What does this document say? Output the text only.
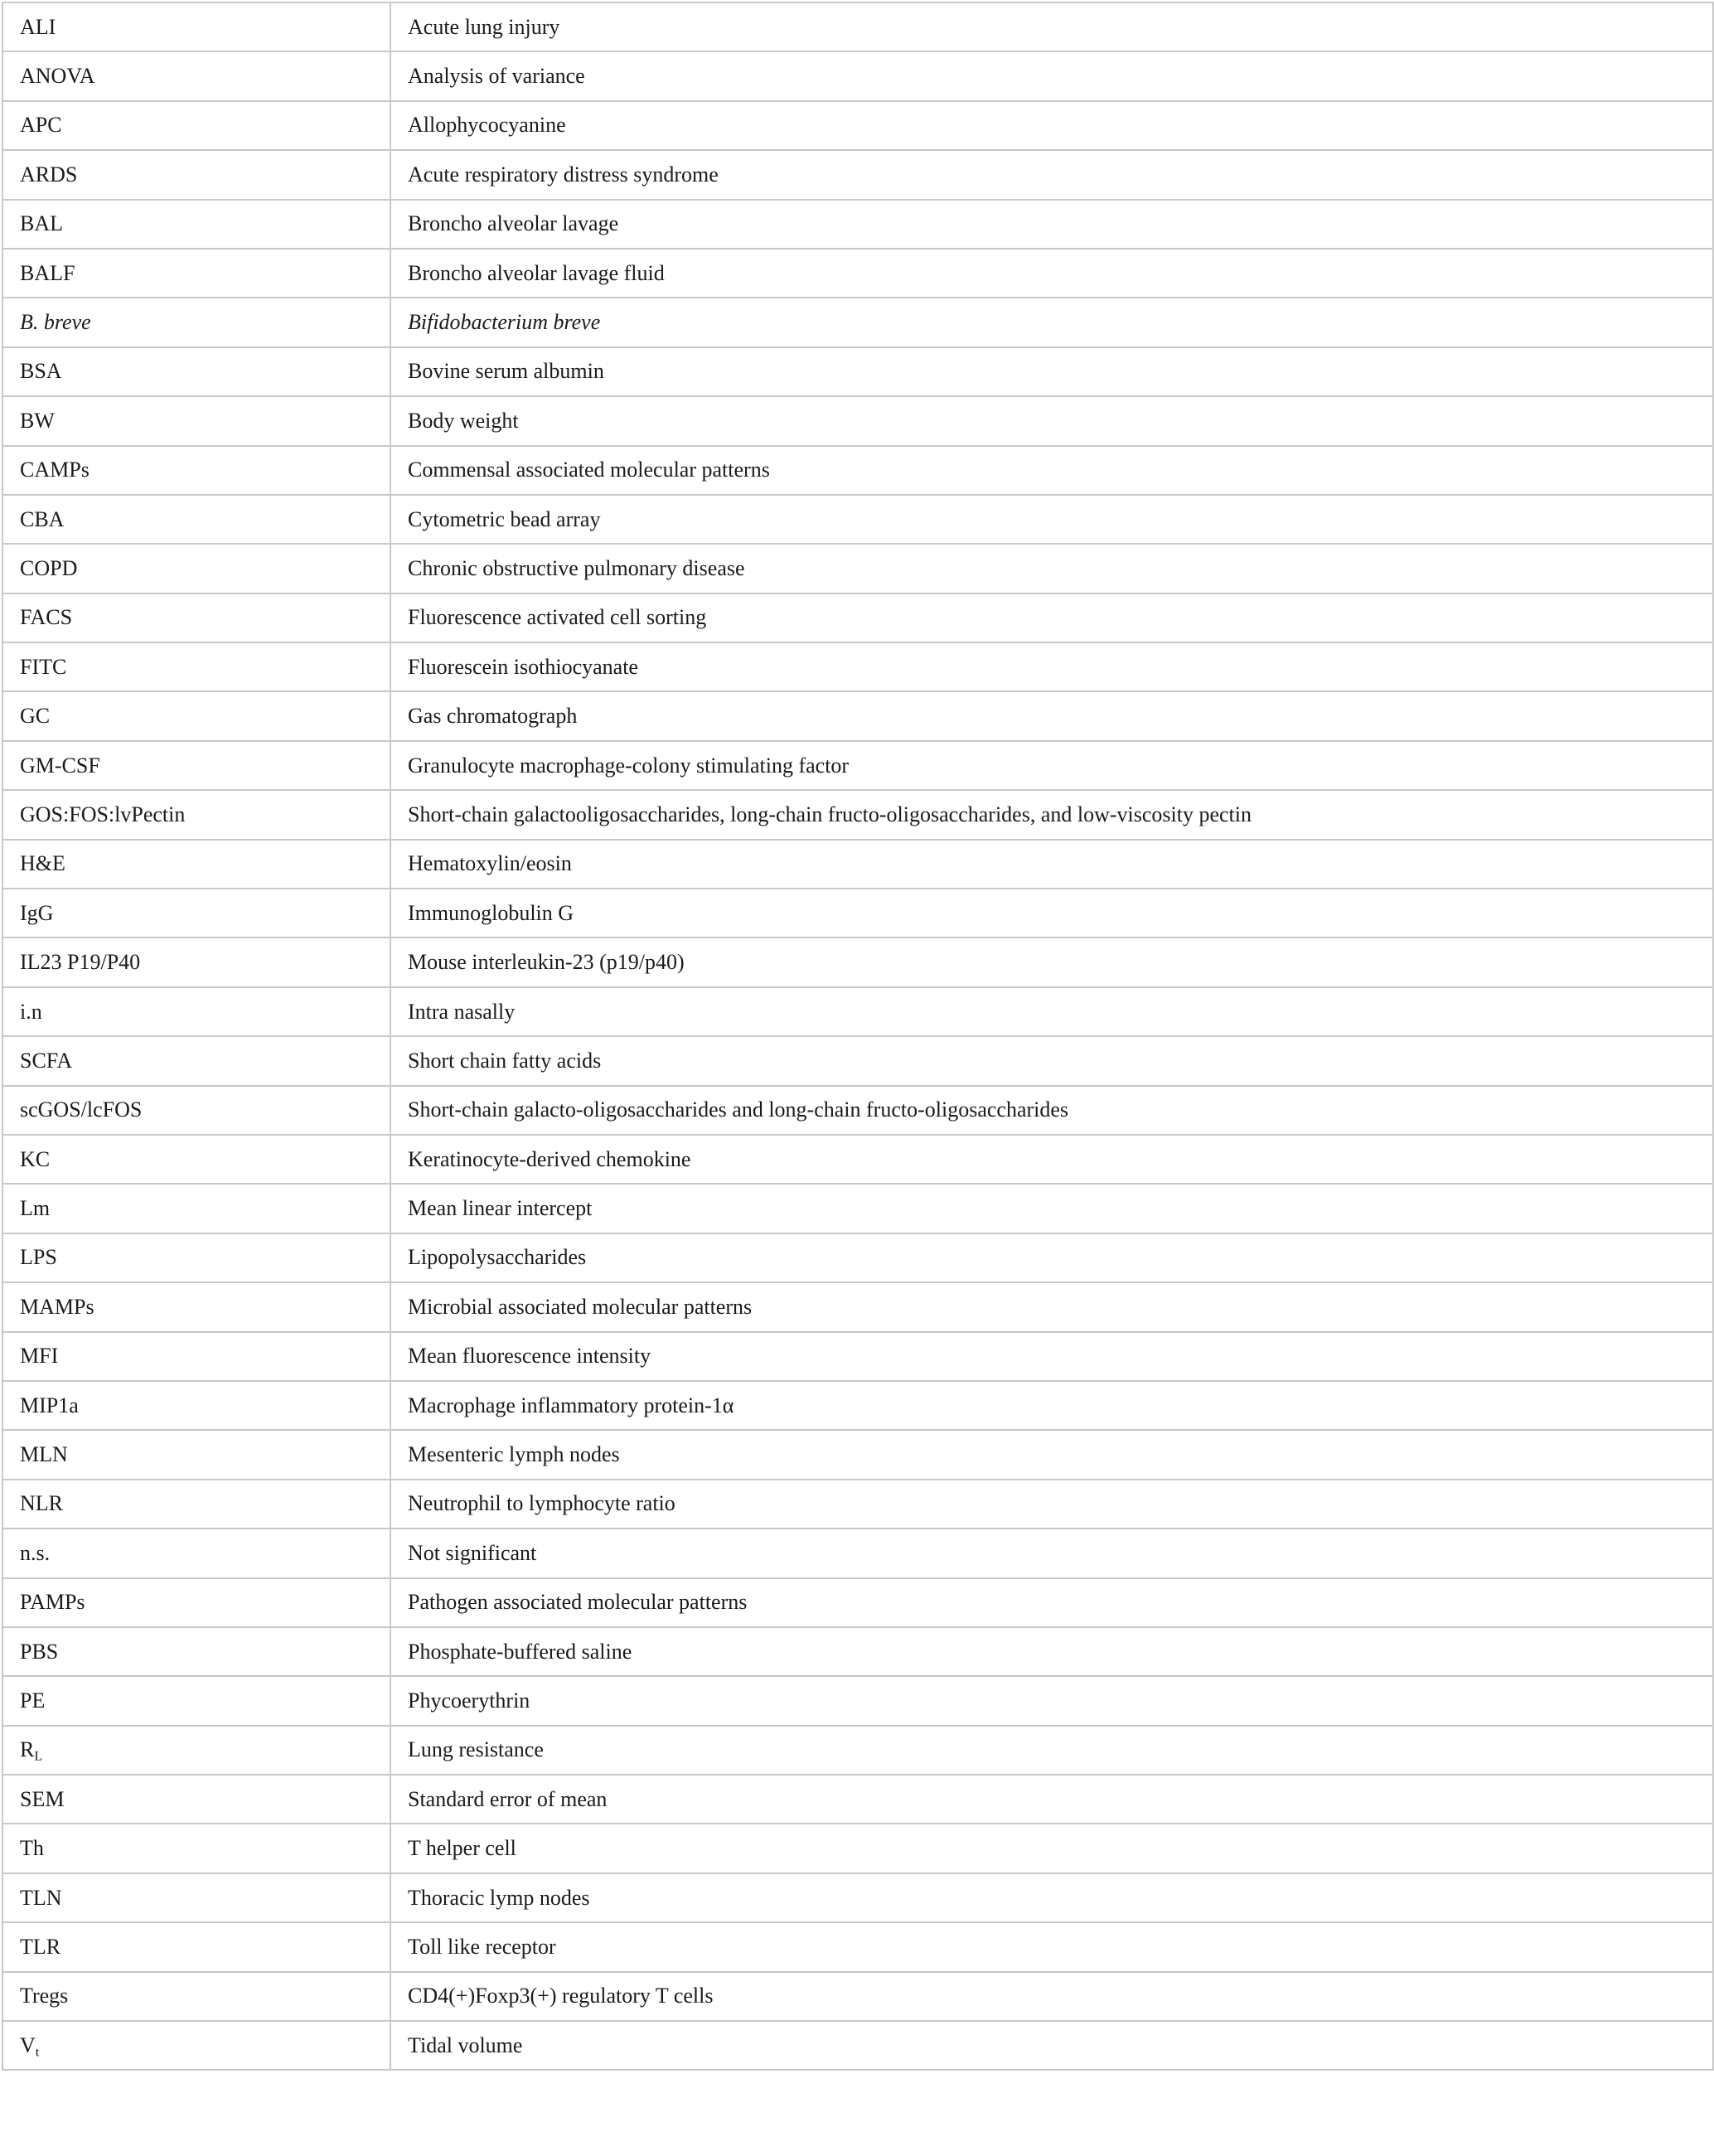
ALI	Acute lung injury
ANOVA	Analysis of variance
APC	Allophycocyanine
ARDS	Acute respiratory distress syndrome
BAL	Broncho alveolar lavage
BALF	Broncho alveolar lavage fluid
B. breve	Bifidobacterium breve
BSA	Bovine serum albumin
BW	Body weight
CAMPs	Commensal associated molecular patterns
CBA	Cytometric bead array
COPD	Chronic obstructive pulmonary disease
FACS	Fluorescence activated cell sorting
FITC	Fluorescein isothiocyanate
GC	Gas chromatograph
GM-CSF	Granulocyte macrophage-colony stimulating factor
GOS:FOS:lvPectin	Short-chain galactooligosaccharides, long-chain fructo-oligosaccharides, and low-viscosity pectin
H&E	Hematoxylin/eosin
IgG	Immunoglobulin G
IL23 P19/P40	Mouse interleukin-23 (p19/p40)
i.n	Intra nasally
SCFA	Short chain fatty acids
scGOS/lcFOS	Short-chain galacto-oligosaccharides and long-chain fructo-oligosaccharides
KC	Keratinocyte-derived chemokine
Lm	Mean linear intercept
LPS	Lipopolysaccharides
MAMPs	Microbial associated molecular patterns
MFI	Mean fluorescence intensity
MIP1a	Macrophage inflammatory protein-1α
MLN	Mesenteric lymph nodes
NLR	Neutrophil to lymphocyte ratio
n.s.	Not significant
PAMPs	Pathogen associated molecular patterns
PBS	Phosphate-buffered saline
PE	Phycoerythrin
$R_L$	Lung resistance
SEM	Standard error of mean
Th	T helper cell
TLN	Thoracic lymp nodes
TLR	Toll like receptor
Tregs	CD4(+)Foxp3(+) regulatory T cells
$V_t$	Tidal volume
